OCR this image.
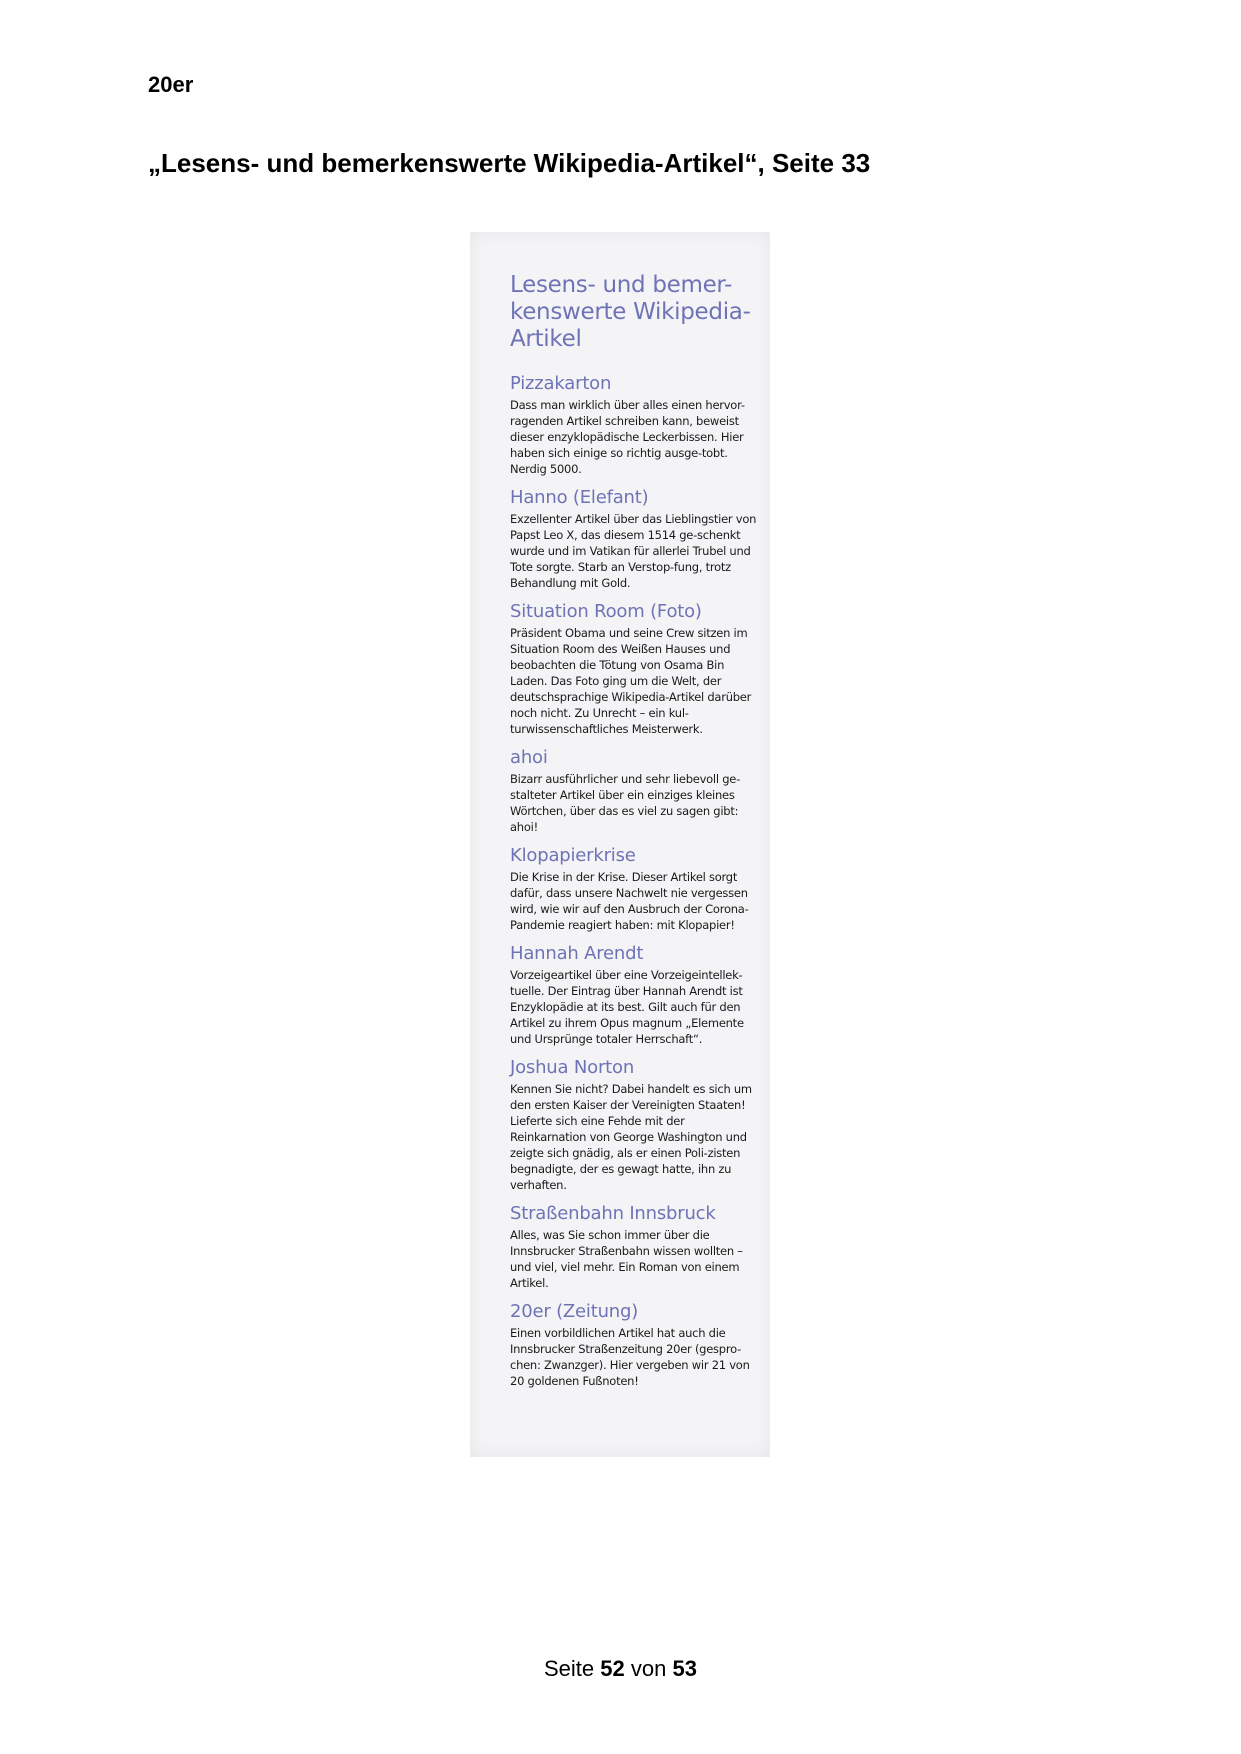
20er
„Lesens- und bemerkenswerte Wikipedia-Artikel“, Seite 33
Lesens- und bemer-kenswerte Wikipedia-Artikel
Pizzakarton

Dass man wirklich über alles einen hervor-ragenden Artikel schreiben kann, beweist dieser enzyklopädische Leckerbissen. Hier haben sich einige so richtig ausge-tobt. Nerdig 5000.

Hanno (Elefant)

Exzellenter Artikel über das Lieblingstier von Papst Leo X, das diesem 1514 ge-schenkt wurde und im Vatikan für allerlei Trubel und Tote sorgte. Starb an Verstop-fung, trotz Behandlung mit Gold.

Situation Room (Foto)

Präsident Obama und seine Crew sitzen im Situation Room des Weißen Hauses und beobachten die Tötung von Osama Bin Laden. Das Foto ging um die Welt, der deutschsprachige Wikipedia-Artikel darüber noch nicht. Zu Unrecht – ein kul-turwissenschaftliches Meisterwerk.

ahoi

Bizarr ausführlicher und sehr liebevoll ge-stalteter Artikel über ein einziges kleines Wörtchen, über das es viel zu sagen gibt: ahoi!

Klopapierkrise

Die Krise in der Krise. Dieser Artikel sorgt dafür, dass unsere Nachwelt nie vergessen wird, wie wir auf den Ausbruch der Corona-Pandemie reagiert haben: mit Klopapier!

Hannah Arendt

Vorzeigeartikel über eine Vorzeigeintellek-tuelle. Der Eintrag über Hannah Arendt ist Enzyklopädie at its best. Gilt auch für den Artikel zu ihrem Opus magnum „Elemente und Ursprünge totaler Herrschaft“.

Joshua Norton

Kennen Sie nicht? Dabei handelt es sich um den ersten Kaiser der Vereinigten Staaten! Lieferte sich eine Fehde mit der Reinkarnation von George Washington und zeigte sich gnädig, als er einen Poli-zisten begnadigte, der es gewagt hatte, ihn zu verhaften.

Straßenbahn Innsbruck

Alles, was Sie schon immer über die Innsbrucker Straßenbahn wissen wollten – und viel, viel mehr. Ein Roman von einem Artikel.

20er (Zeitung)

Einen vorbildlichen Artikel hat auch die Innsbrucker Straßenzeitung 20er (gespro-chen: Zwanzger). Hier vergeben wir 21 von 20 goldenen Fußnoten!

Seite 52 von 53
